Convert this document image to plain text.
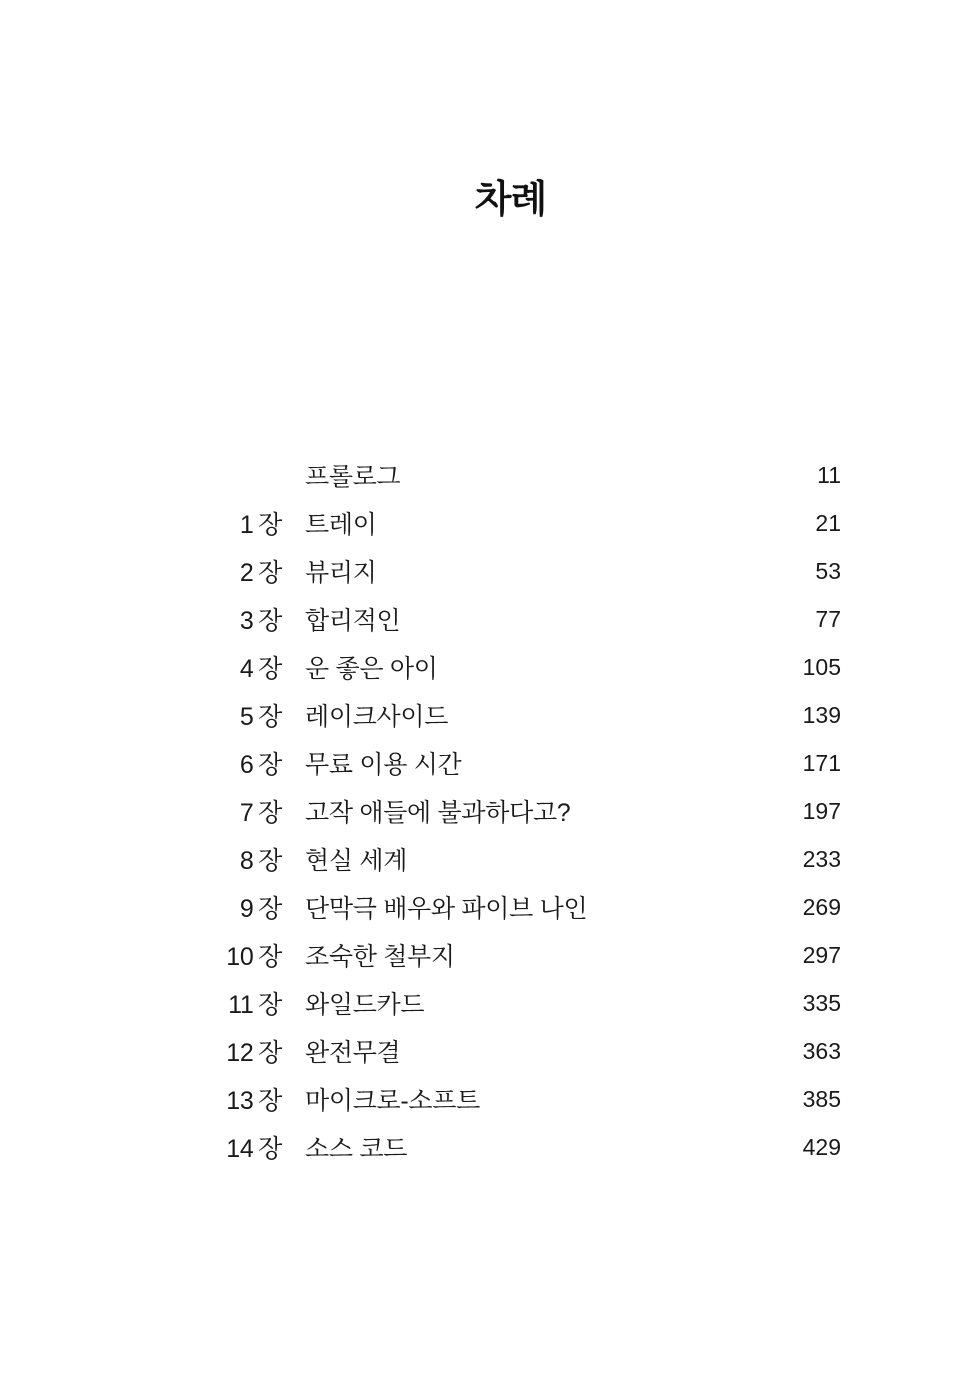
차례
프롤로그	11
1 장 트레이	21
2 장 뷰리지	53
3 장 합리적인	77
4 장 운 좋은 아이	105
5 장 레이크사이드	139
6 장 무료 이용 시간	171
7 장 고작 애들에 불과하다고?	197
8 장 현실 세계	233
9 장 단막극 배우와 파이브 나인	269
10 장 조숙한 철부지	297
11 장 와일드카드	335
12 장 완전무결	363
13 장 마이크로-소프트	385
14 장 소스 코드	429
